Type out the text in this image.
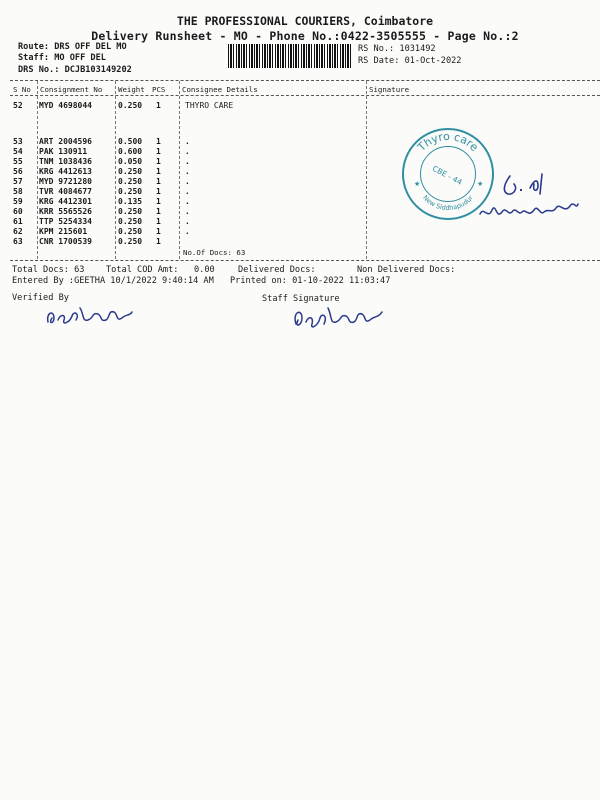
THE PROFESSIONAL COURIERS, Coimbatore
Delivery Runsheet - MO - Phone No.:0422-3505555 - Page No.:2
Route: DRS OFF DEL MO
Staff: MO OFF DEL
DRS No.: DCJB103149202
RS No.: 1031492
RS Date: 01-Oct-2022
S No Consignment No Weight PCS Consignee Details	Signature
52 MYD 4698044	0.250 1	THYRO CARE
53 ART 2004596	0.500 1	.
54 PAK 130911	0.600 1	.
55 TNM 1038436	0.050 1	.
56 KRG 4412613	0.250 1	.
57 MYD 9721280	0.250 1	.
58 TVR 4084677	0.250 1	.
59 KRG 4412301	0.135 1	.
60 KRR 5565526	0.250 1	.
61 TTP 5254334	0.250 1	.
62 KPM 215601	0.250 1	.
63 CNR 1700539	0.250 1
No.Of Docs: 63
Thyro care
CBE - 44
New Siddhapudur
★	★
Total Docs: 63	Total COD Amt: 0.00	Delivered Docs:	Non Delivered Docs:
Entered By :GEETHA 10/1/2022 9:40:14 AM Printed on: 01-10-2022 11:03:47
Verified By	Staff Signature
